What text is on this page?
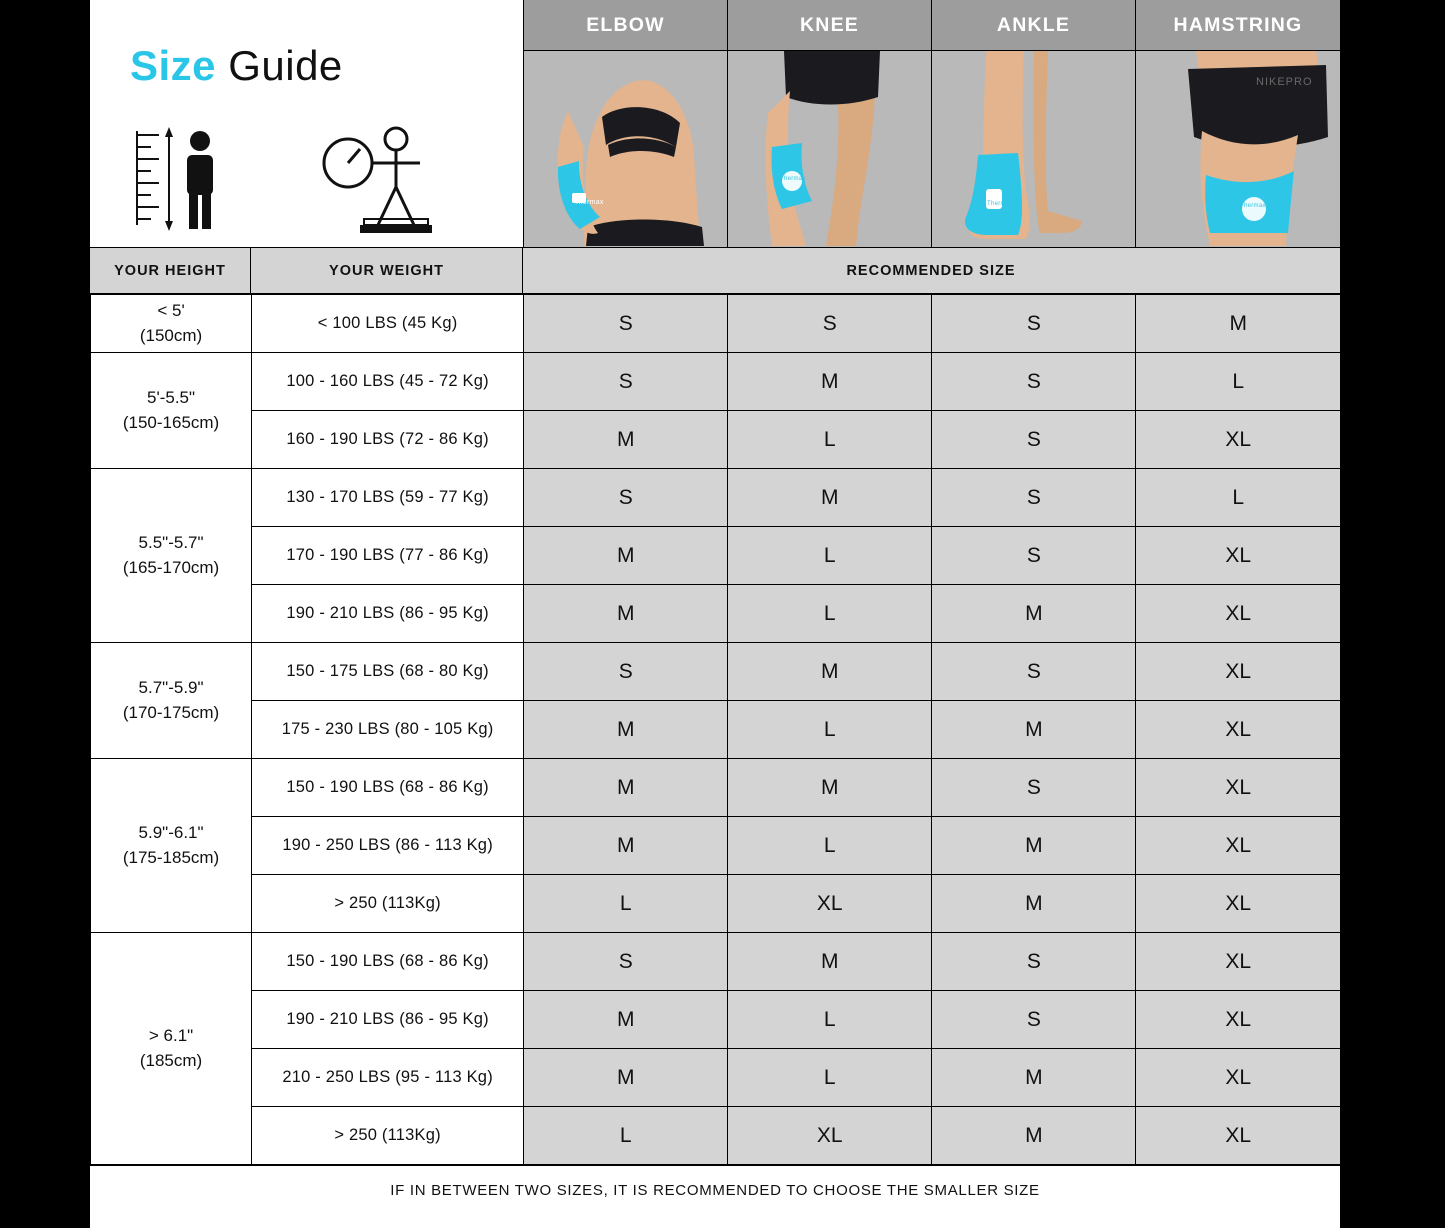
Size Guide
ELBOW
Thermax
KNEE
Thermax
ANKLE
Thermax
HAMSTRING
NIKEPRO
Thermax
YOUR HEIGHT	YOUR WEIGHT	RECOMMENDED SIZE
< 5'
(150cm)	< 100 LBS (45 Kg)	S	S	S	M
5'-5.5"
(150-165cm)	100 - 160 LBS (45 - 72 Kg)	S	M	S	L
	160 - 190 LBS (72 - 86 Kg)	M	L	S	XL
5.5"-5.7"
(165-170cm)	130 - 170 LBS (59 - 77 Kg)	S	M	S	L
	170 - 190 LBS (77 - 86 Kg)	M	L	S	XL
	190 - 210 LBS (86 - 95 Kg)	M	L	M	XL
5.7"-5.9"
(170-175cm)	150 - 175 LBS (68 - 80 Kg)	S	M	S	XL
	175 - 230 LBS (80 - 105 Kg)	M	L	M	XL
5.9"-6.1"
(175-185cm)	150 - 190 LBS (68 - 86 Kg)	M	M	S	XL
	190 - 250 LBS (86 - 113 Kg)	M	L	M	XL
	> 250 (113Kg)	L	XL	M	XL
> 6.1"
(185cm)	150 - 190 LBS (68 - 86 Kg)	S	M	S	XL
	190 - 210 LBS (86 - 95 Kg)	M	L	S	XL
	210 - 250 LBS (95 - 113 Kg)	M	L	M	XL
	> 250 (113Kg)	L	XL	M	XL
IF IN BETWEEN TWO SIZES, IT IS RECOMMENDED TO CHOOSE THE SMALLER SIZE
